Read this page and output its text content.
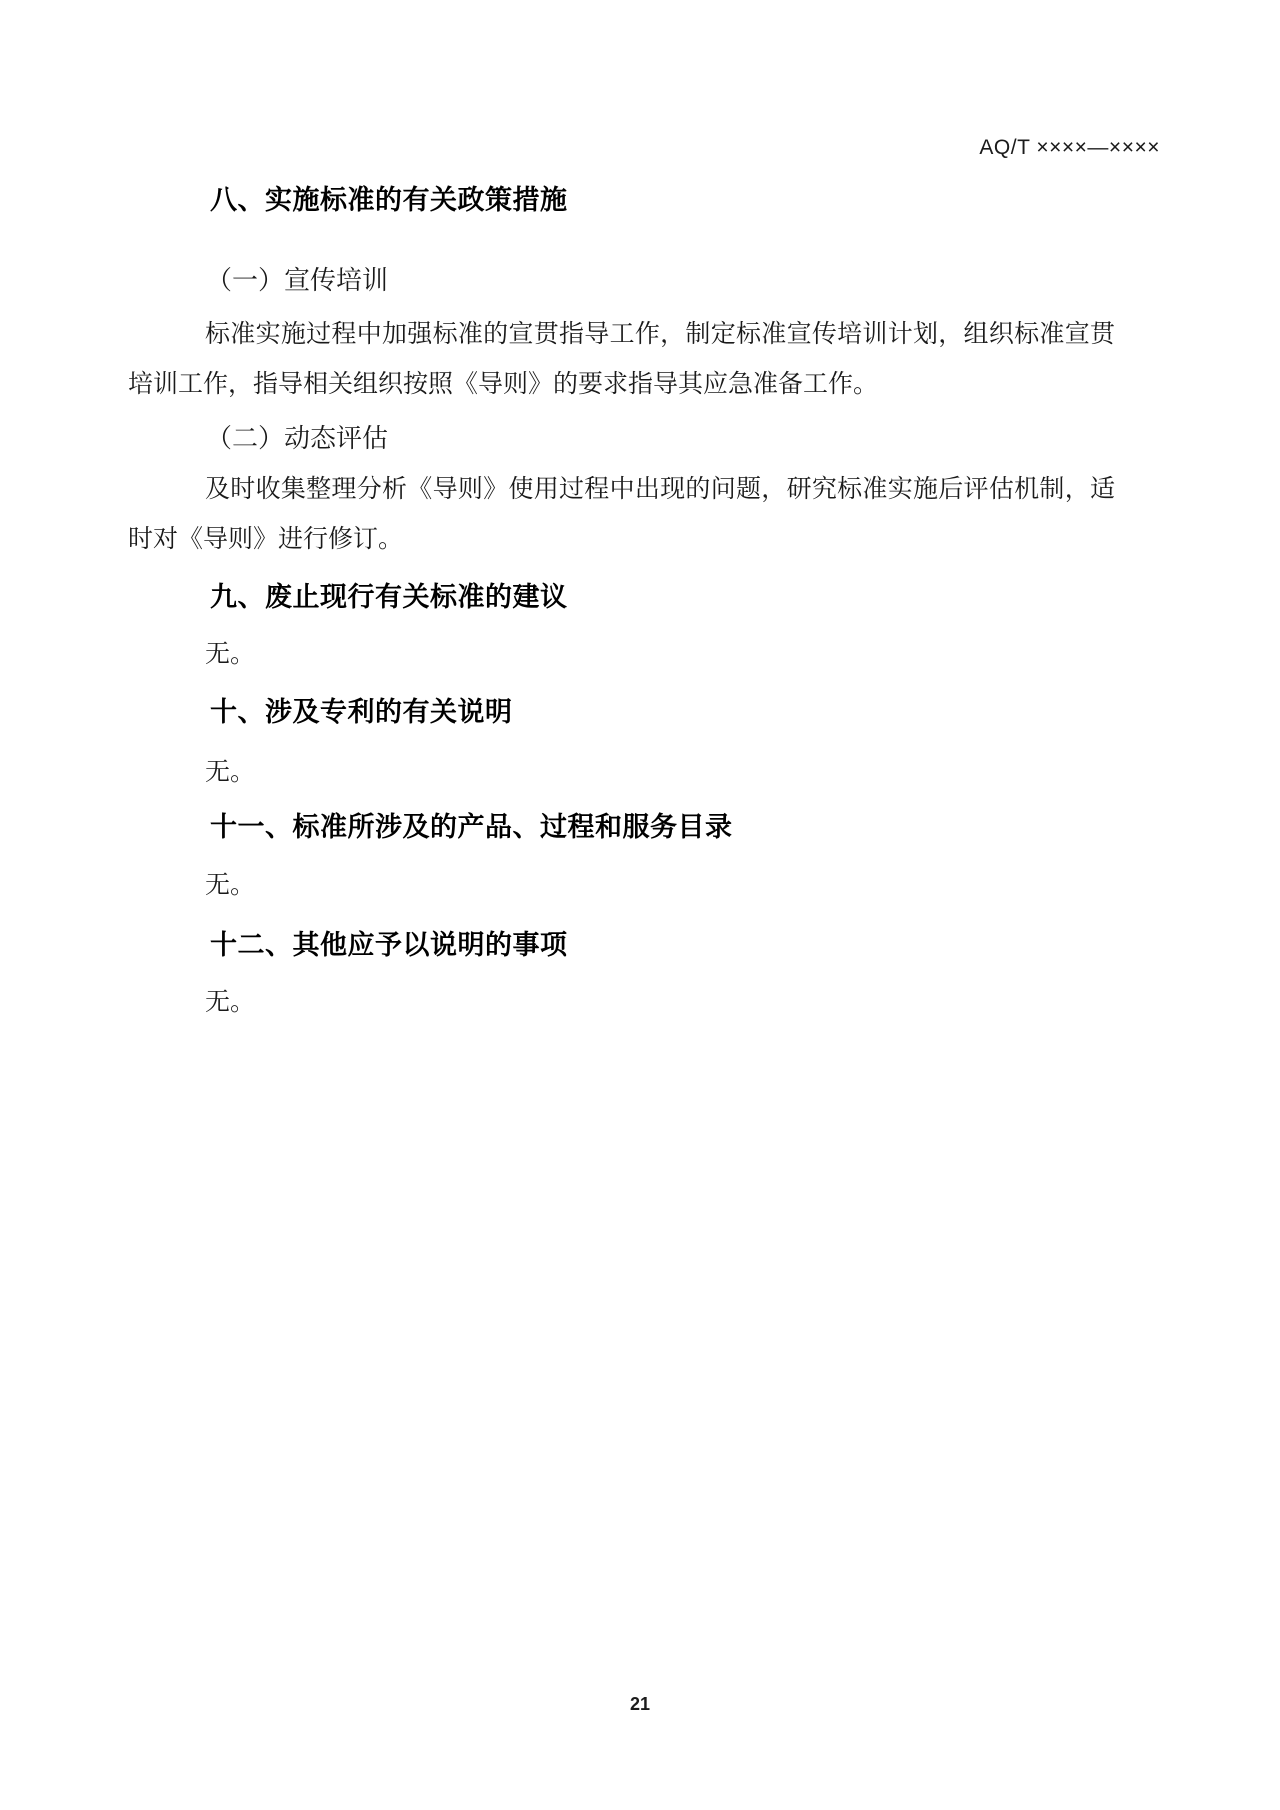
AQ/T ××××—××××
八、实施标准的有关政策措施
（一）宣传培训

标准实施过程中加强标准的宣贯指导工作，制定标准宣传培训计划，组织标准宣贯培训工作，指导相关组织按照《导则》的要求指导其应急准备工作。

（二）动态评估

及时收集整理分析《导则》使用过程中出现的问题，研究标准实施后评估机制，适时对《导则》进行修订。

九、废止现行有关标准的建议

无。

十、涉及专利的有关说明

无。

十一、标准所涉及的产品、过程和服务目录

无。

十二、其他应予以说明的事项

无。

21
